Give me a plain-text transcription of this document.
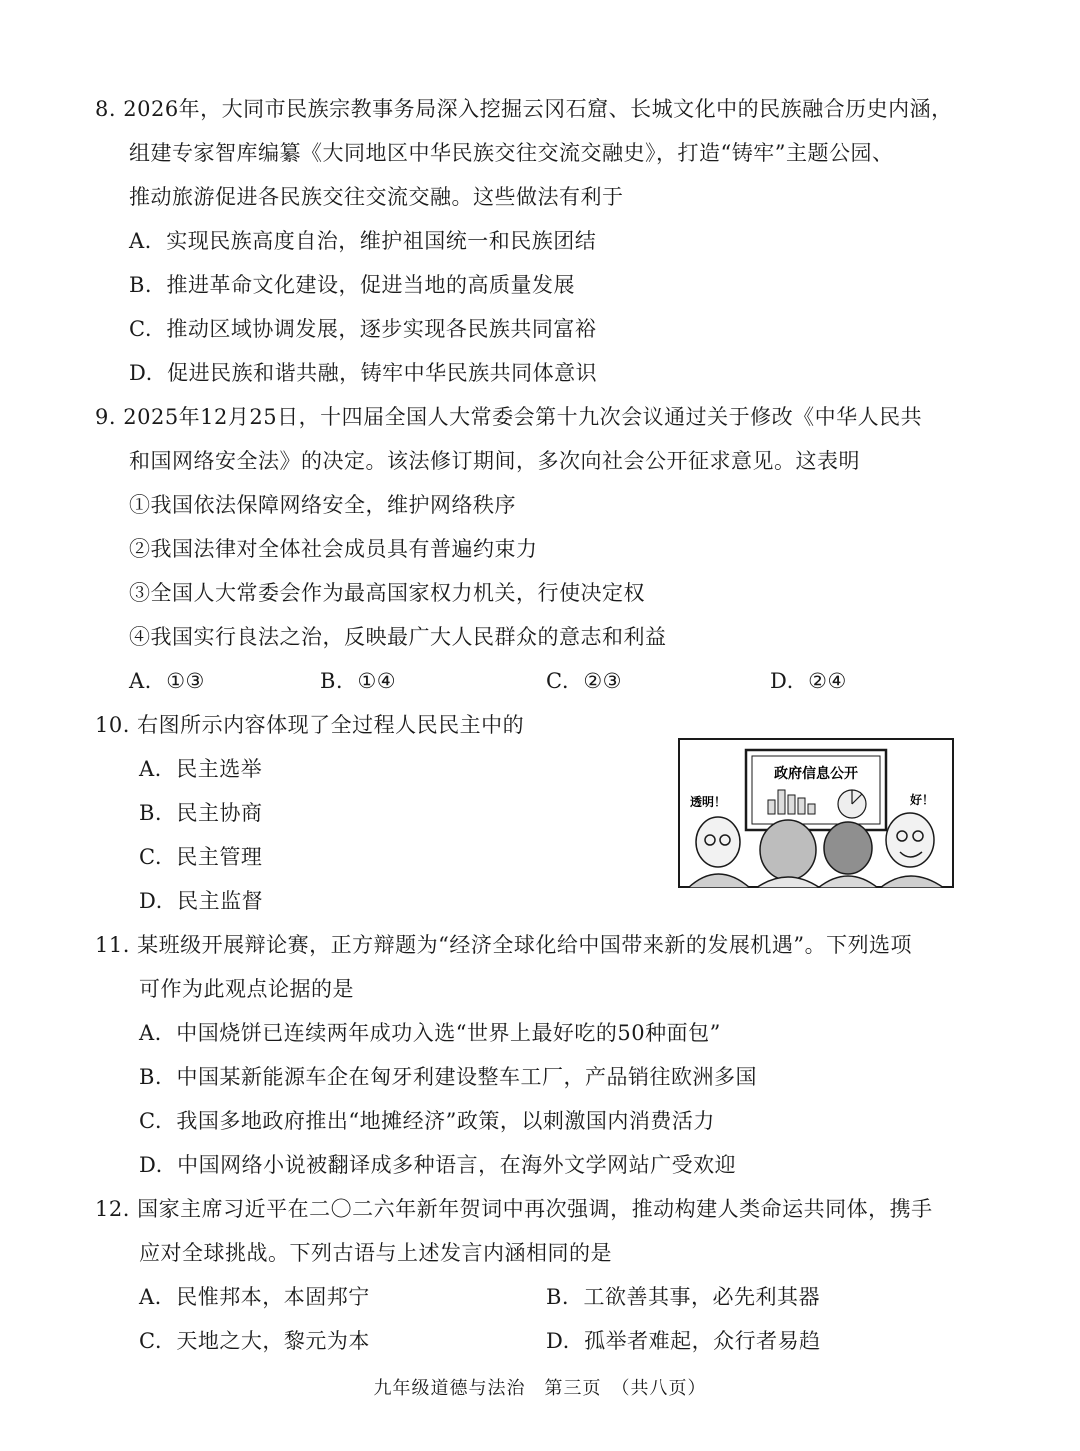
8. 2026年，大同市民族宗教事务局深入挖掘云冈石窟、长城文化中的民族融合历史内涵，
组建专家智库编纂《大同地区中华民族交往交流交融史》，打造“铸牢”主题公园、
推动旅游促进各民族交往交流交融。这些做法有利于
A. 实现民族高度自治，维护祖国统一和民族团结
B. 推进革命文化建设，促进当地的高质量发展
C. 推动区域协调发展，逐步实现各民族共同富裕
D. 促进民族和谐共融，铸牢中华民族共同体意识
9. 2025年12月25日，十四届全国人大常委会第十九次会议通过关于修改《中华人民共
和国网络安全法》的决定。该法修订期间，多次向社会公开征求意见。这表明
①我国依法保障网络安全，维护网络秩序
②我国法律对全体社会成员具有普遍约束力
③全国人大常委会作为最高国家权力机关，行使决定权
④我国实行良法之治，反映最广大人民群众的意志和利益
A. ①③	B. ①④	C. ②③	D. ②④
10. 右图所示内容体现了全过程人民民主中的
A. 民主选举
B. 民主协商
C. 民主管理
D. 民主监督
政府信息公开
透明！	好！
11. 某班级开展辩论赛，正方辩题为“经济全球化给中国带来新的发展机遇”。下列选项
可作为此观点论据的是
A. 中国烧饼已连续两年成功入选“世界上最好吃的50种面包”
B. 中国某新能源车企在匈牙利建设整车工厂，产品销往欧洲多国
C. 我国多地政府推出“地摊经济”政策，以刺激国内消费活力
D. 中国网络小说被翻译成多种语言，在海外文学网站广受欢迎
12. 国家主席习近平在二〇二六年新年贺词中再次强调，推动构建人类命运共同体，携手
应对全球挑战。下列古语与上述发言内涵相同的是
A. 民惟邦本，本固邦宁	B. 工欲善其事，必先利其器
C. 天地之大，黎元为本	D. 孤举者难起，众行者易趋
九年级道德与法治　第三页　（共八页）
